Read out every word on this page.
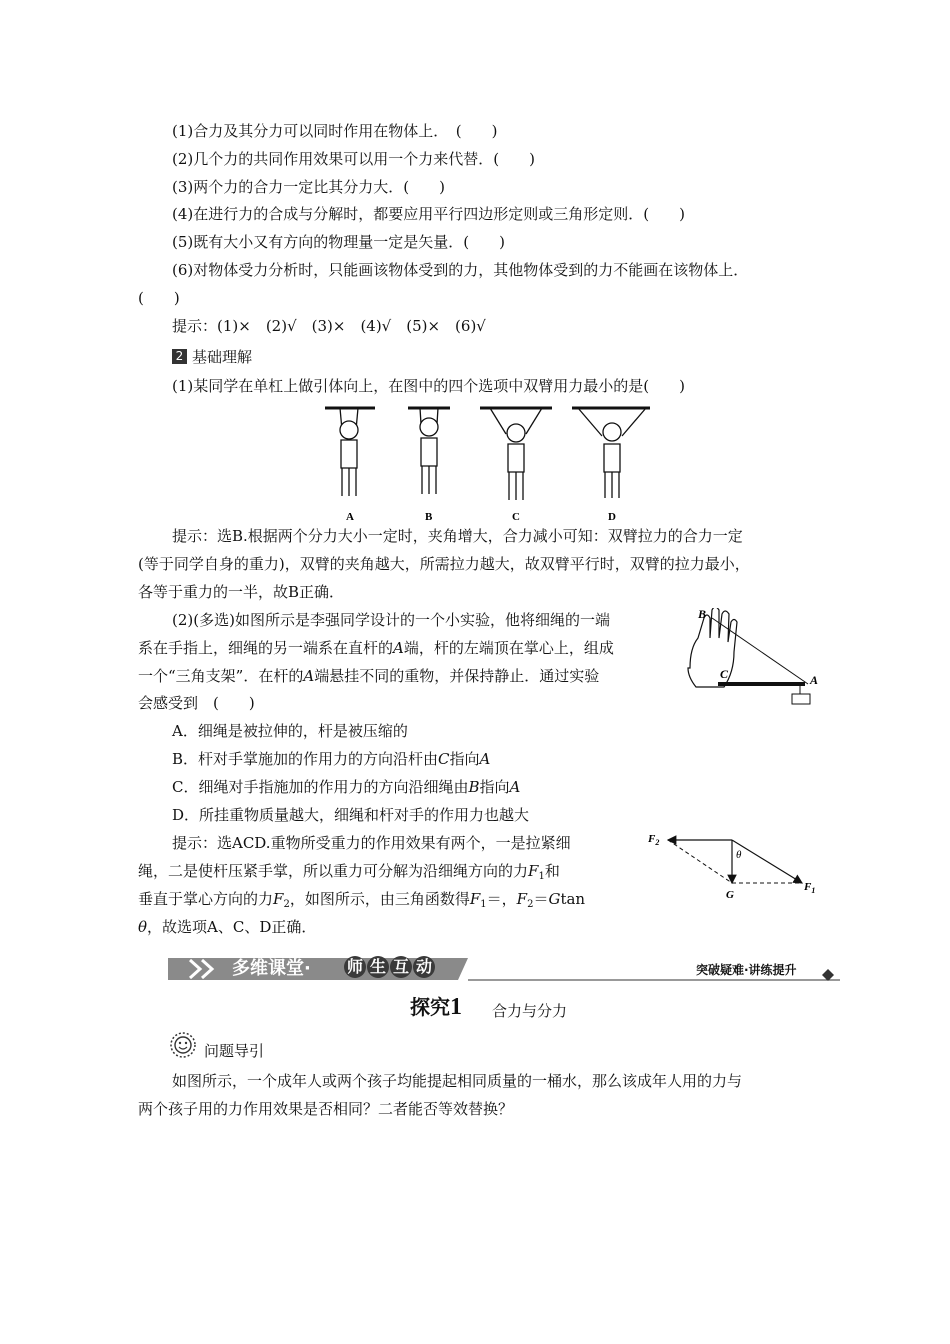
(1)合力及其分力可以同时作用在物体上．　(　　)
(2)几个力的共同作用效果可以用一个力来代替．(　　)
(3)两个力的合力一定比其分力大．(　　)
(4)在进行力的合成与分解时，都要应用平行四边形定则或三角形定则．(　　)
(5)既有大小又有方向的物理量一定是矢量．(　　)
(6)对物体受力分析时，只能画该物体受到的力，其他物体受到的力不能画在该物体上．
(　　)
提示：(1)×　(2)√　(3)×　(4)√　(5)×　(6)√
2 基础理解
(1)某同学在单杠上做引体向上，在图中的四个选项中双臂用力最小的是(　　)
A	B	C	D
提示：选B.根据两个分力大小一定时，夹角增大，合力减小可知：双臂拉力的合力一定
(等于同学自身的重力)，双臂的夹角越大，所需拉力越大，故双臂平行时，双臂的拉力最小，
各等于重力的一半，故B正确．
(2)(多选)如图所示是李强同学设计的一个小实验，他将细绳的一端
系在手指上，细绳的另一端系在直杆的A端，杆的左端顶在掌心上，组成
一个“三角支架”．在杆的A端悬挂不同的重物，并保持静止．通过实验
会感受到　(　　)
B
C	A
A．细绳是被拉伸的，杆是被压缩的
B．杆对手掌施加的作用力的方向沿杆由C指向A
C．细绳对手指施加的作用力的方向沿细绳由B指向A
D．所挂重物质量越大，细绳和杆对手的作用力也越大
提示：选ACD.重物所受重力的作用效果有两个，一是拉紧细
绳，二是使杆压紧手掌，所以重力可分解为沿细绳方向的力$F_1$和
垂直于掌心方向的力$F_2$，如图所示，由三角函数得$F_1=$，$F_2=Gtan$
θ，故选项A、C、D正确．
$F_2$
θ
G
$F_1$
多维课堂· 师 生 互 动	突破疑难·讲练提升
探究1 合力与分力
问题导引
如图所示，一个成年人或两个孩子均能提起相同质量的一桶水，那么该成年人用的力与
两个孩子用的力作用效果是否相同？二者能否等效替换？
